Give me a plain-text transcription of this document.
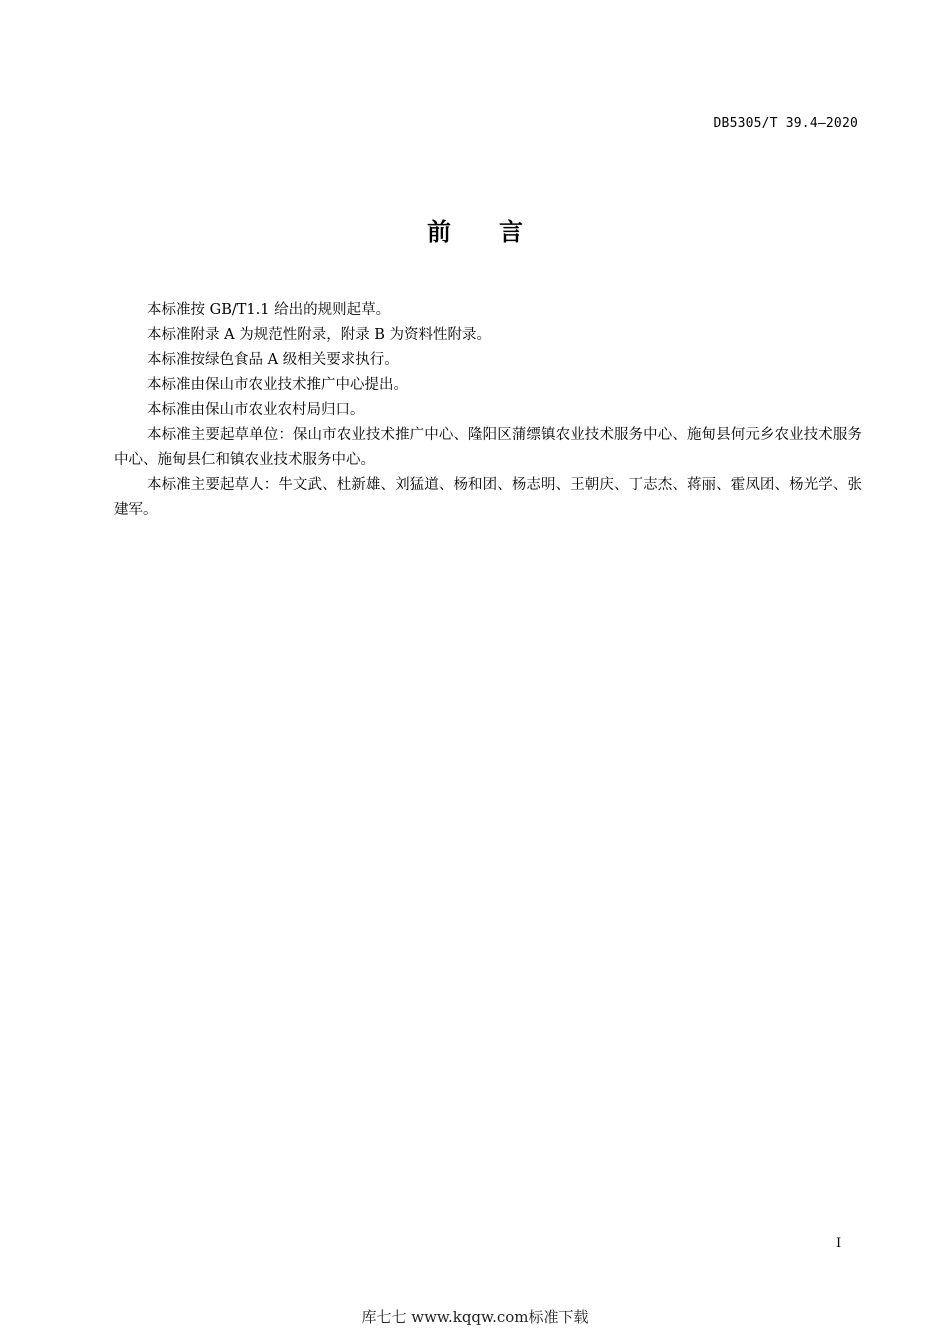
DB5305/T 39.4—2020
前言

本标准按 GB/T1.1 给出的规则起草。

本标准附录 A 为规范性附录，附录 B 为资料性附录。

本标准按绿色食品 A 级相关要求执行。

本标准由保山市农业技术推广中心提出。

本标准由保山市农业农村局归口。

本标准主要起草单位：保山市农业技术推广中心、隆阳区蒲缥镇农业技术服务中心、施甸县何元乡农业技术服务中心、施甸县仁和镇农业技术服务中心。

本标准主要起草人：牛文武、杜新雄、刘猛道、杨和团、杨志明、王朝庆、丁志杰、蒋丽、霍凤团、杨光学、张建军。

I
库七七 www.kqqw.com标准下载
